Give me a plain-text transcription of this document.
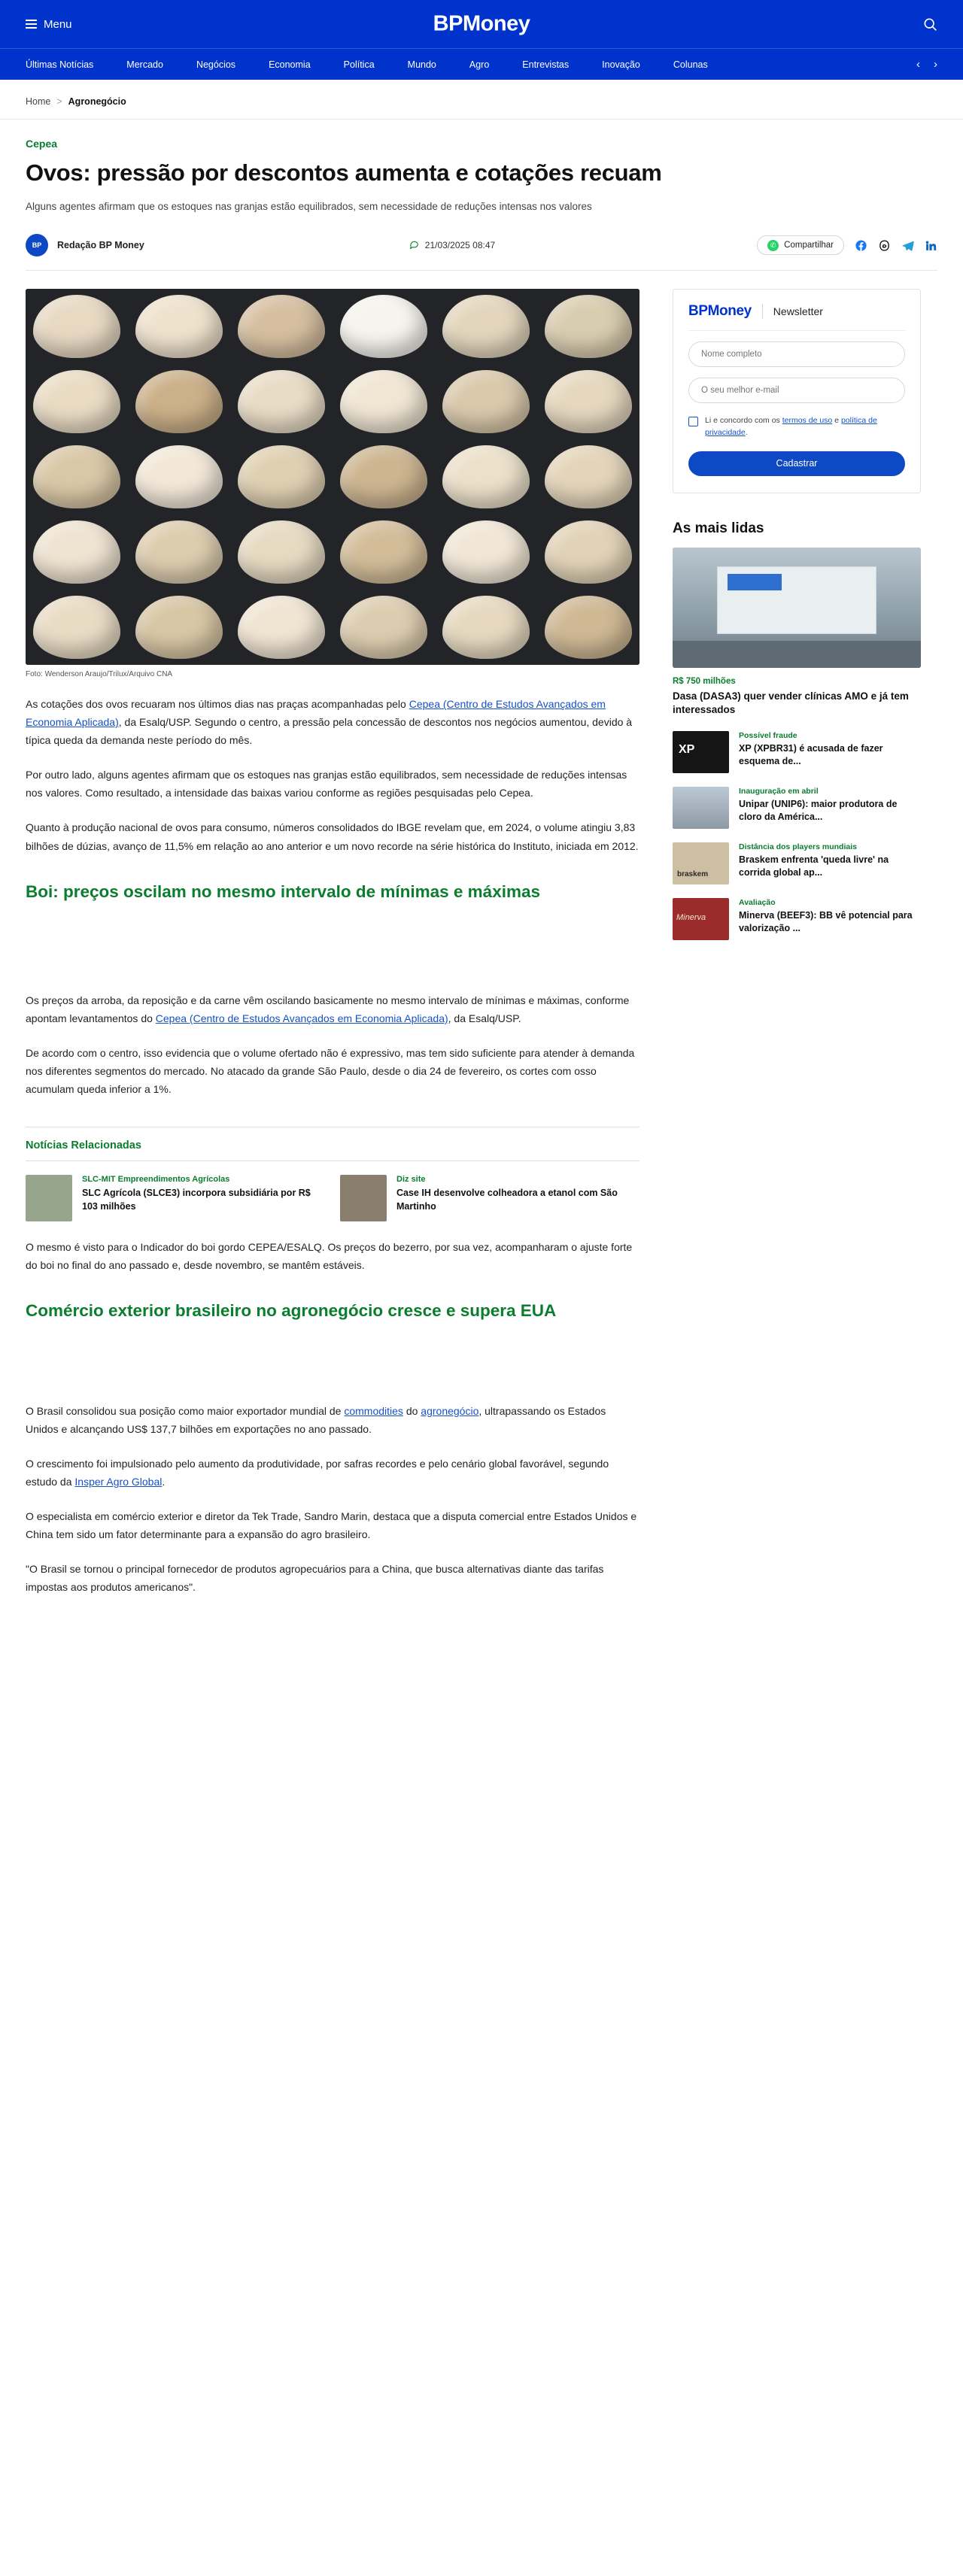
Menu	BPMoney
Últimas Notícias	Mercado	Negócios	Economia	Política	Mundo	Agro	Entrevistas	Inovação	Colunas	‹ ›
Home > Agronegócio
Cepea
Ovos: pressão por descontos aumenta e cotações recuam
Alguns agentes afirmam que os estoques nas granjas estão equilibrados, sem necessidade de reduções intensas nos valores
BP Redação BP Money	21/03/2025 08:47	✆ Compartilhar
Foto: Wenderson Araujo/Trilux/Arquivo CNA

As cotações dos ovos recuaram nos últimos dias nas praças acompanhadas pelo Cepea (Centro de Estudos Avançados em Economia Aplicada), da Esalq/USP. Segundo o centro, a pressão pela concessão de descontos nos negócios aumentou, devido à típica queda da demanda neste período do mês.

Por outro lado, alguns agentes afirmam que os estoques nas granjas estão equilibrados, sem necessidade de reduções intensas nos valores. Como resultado, a intensidade das baixas variou conforme as regiões pesquisadas pelo Cepea.

Quanto à produção nacional de ovos para consumo, números consolidados do IBGE revelam que, em 2024, o volume atingiu 3,83 bilhões de dúzias, avanço de 11,5% em relação ao ano anterior e um novo recorde na série histórica do Instituto, iniciada em 2012.

Boi: preços oscilam no mesmo intervalo de mínimas e máximas

Os preços da arroba, da reposição e da carne vêm oscilando basicamente no mesmo intervalo de mínimas e máximas, conforme apontam levantamentos do Cepea (Centro de Estudos Avançados em Economia Aplicada), da Esalq/USP.

De acordo com o centro, isso evidencia que o volume ofertado não é expressivo, mas tem sido suficiente para atender à demanda nos diferentes segmentos do mercado. No atacado da grande São Paulo, desde o dia 24 de fevereiro, os cortes com osso acumulam queda inferior a 1%.

Notícias Relacionadas
SLC-MIT Empreendimentos Agrícolas
SLC Agrícola (SLCE3) incorpora subsidiária por R$ 103 milhões
Diz site
Case IH desenvolve colheadora a etanol com São Martinho

O mesmo é visto para o Indicador do boi gordo CEPEA/ESALQ. Os preços do bezerro, por sua vez, acompanharam o ajuste forte do boi no final do ano passado e, desde novembro, se mantêm estáveis.

Comércio exterior brasileiro no agronegócio cresce e supera EUA

O Brasil consolidou sua posição como maior exportador mundial de commodities do agronegócio, ultrapassando os Estados Unidos e alcançando US$ 137,7 bilhões em exportações no ano passado.

O crescimento foi impulsionado pelo aumento da produtividade, por safras recordes e pelo cenário global favorável, segundo estudo da Insper Agro Global.

O especialista em comércio exterior e diretor da Tek Trade, Sandro Marin, destaca que a disputa comercial entre Estados Unidos e China tem sido um fator determinante para a expansão do agro brasileiro.

"O Brasil se tornou o principal fornecedor de produtos agropecuários para a China, que busca alternativas diante das tarifas impostas aos produtos americanos".

BPMoney Newsletter
Nome completo O seu melhor e-mail
Li e concordo com os termos de uso e política de privacidade.
Cadastrar
As mais lidas
R$ 750 milhões
Dasa (DASA3) quer vender clínicas AMO e já tem interessados
XP
Possível fraude
XP (XPBR31) é acusada de fazer esquema de...
Inauguração em abril
Unipar (UNIP6): maior produtora de cloro da América...
braskem
Distância dos players mundiais
Braskem enfrenta 'queda livre' na corrida global ap...
Minerva
Avaliação
Minerva (BEEF3): BB vê potencial para valorização ...
